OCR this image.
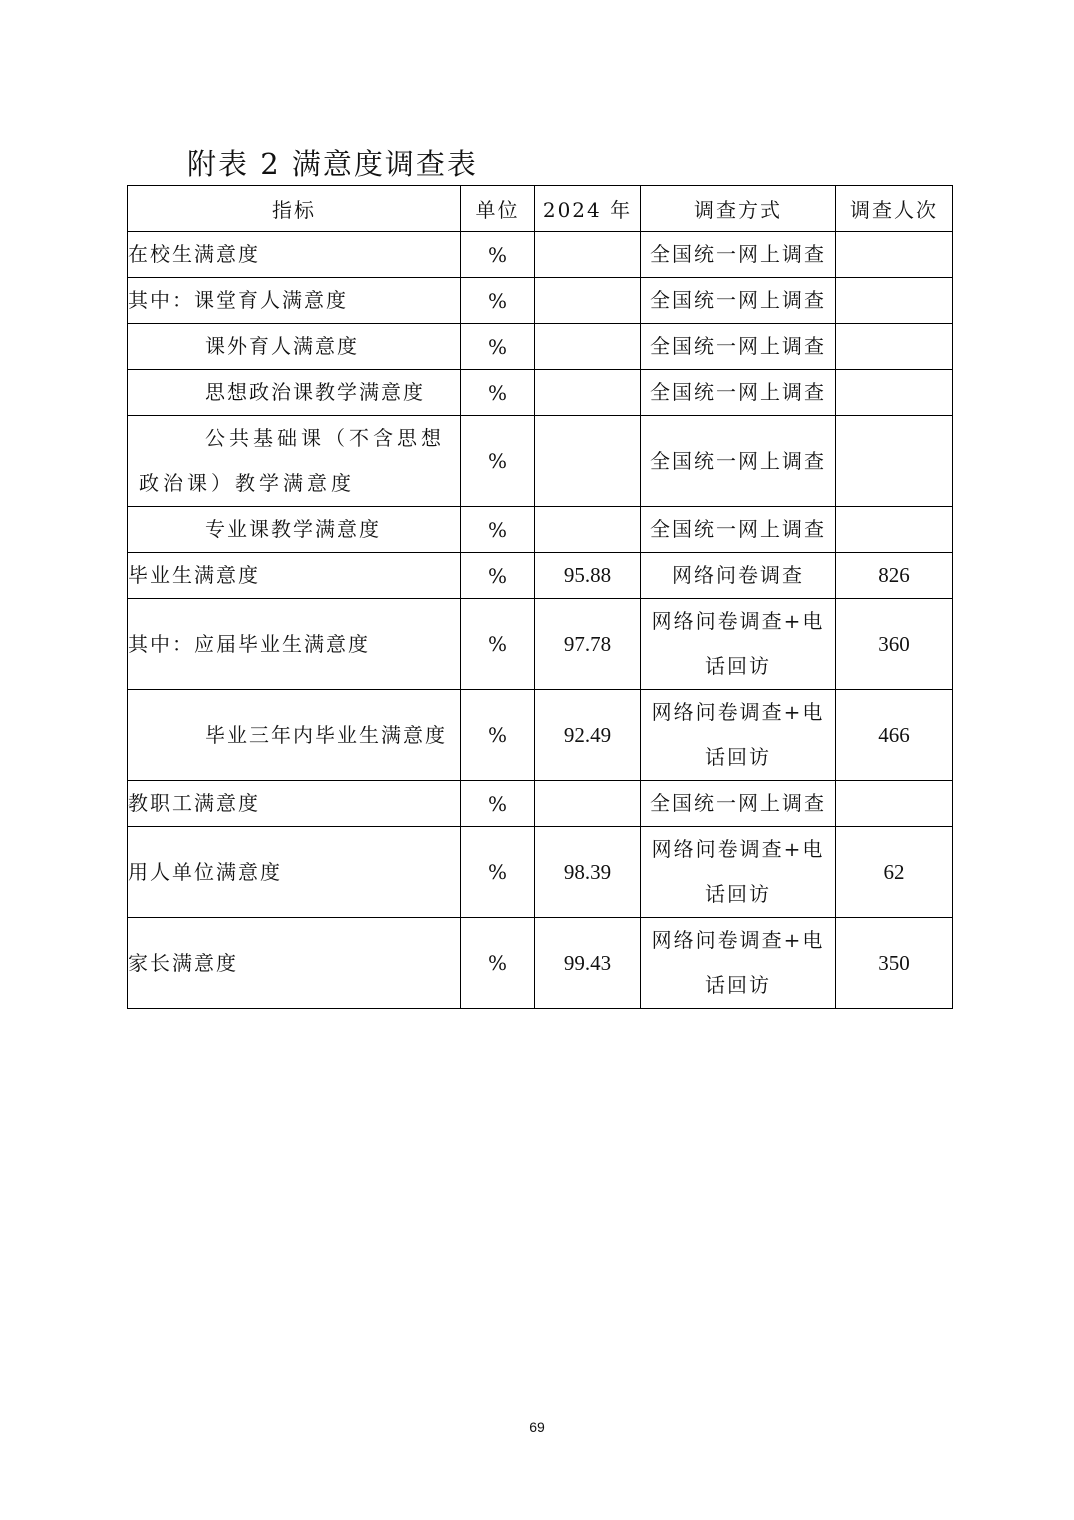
附表 2 满意度调查表
指标	单位	2024 年	调查方式	调查人次
在校生满意度	%		全国统一网上调查	
其中：课堂育人满意度	%		全国统一网上调查	
课外育人满意度	%		全国统一网上调查	
思想政治课教学满意度	%		全国统一网上调查	
公共基础课（不含思想政治课）教学满意度	%		全国统一网上调查	
专业课教学满意度	%		全国统一网上调查	
毕业生满意度	%	95.88	网络问卷调查	826
其中：应届毕业生满意度	%	97.78	网络问卷调查+电话回访	360
毕业三年内毕业生满意度	%	92.49	网络问卷调查+电话回访	466
教职工满意度	%		全国统一网上调查	
用人单位满意度	%	98.39	网络问卷调查+电话回访	62
家长满意度	%	99.43	网络问卷调查+电话回访	350
69
